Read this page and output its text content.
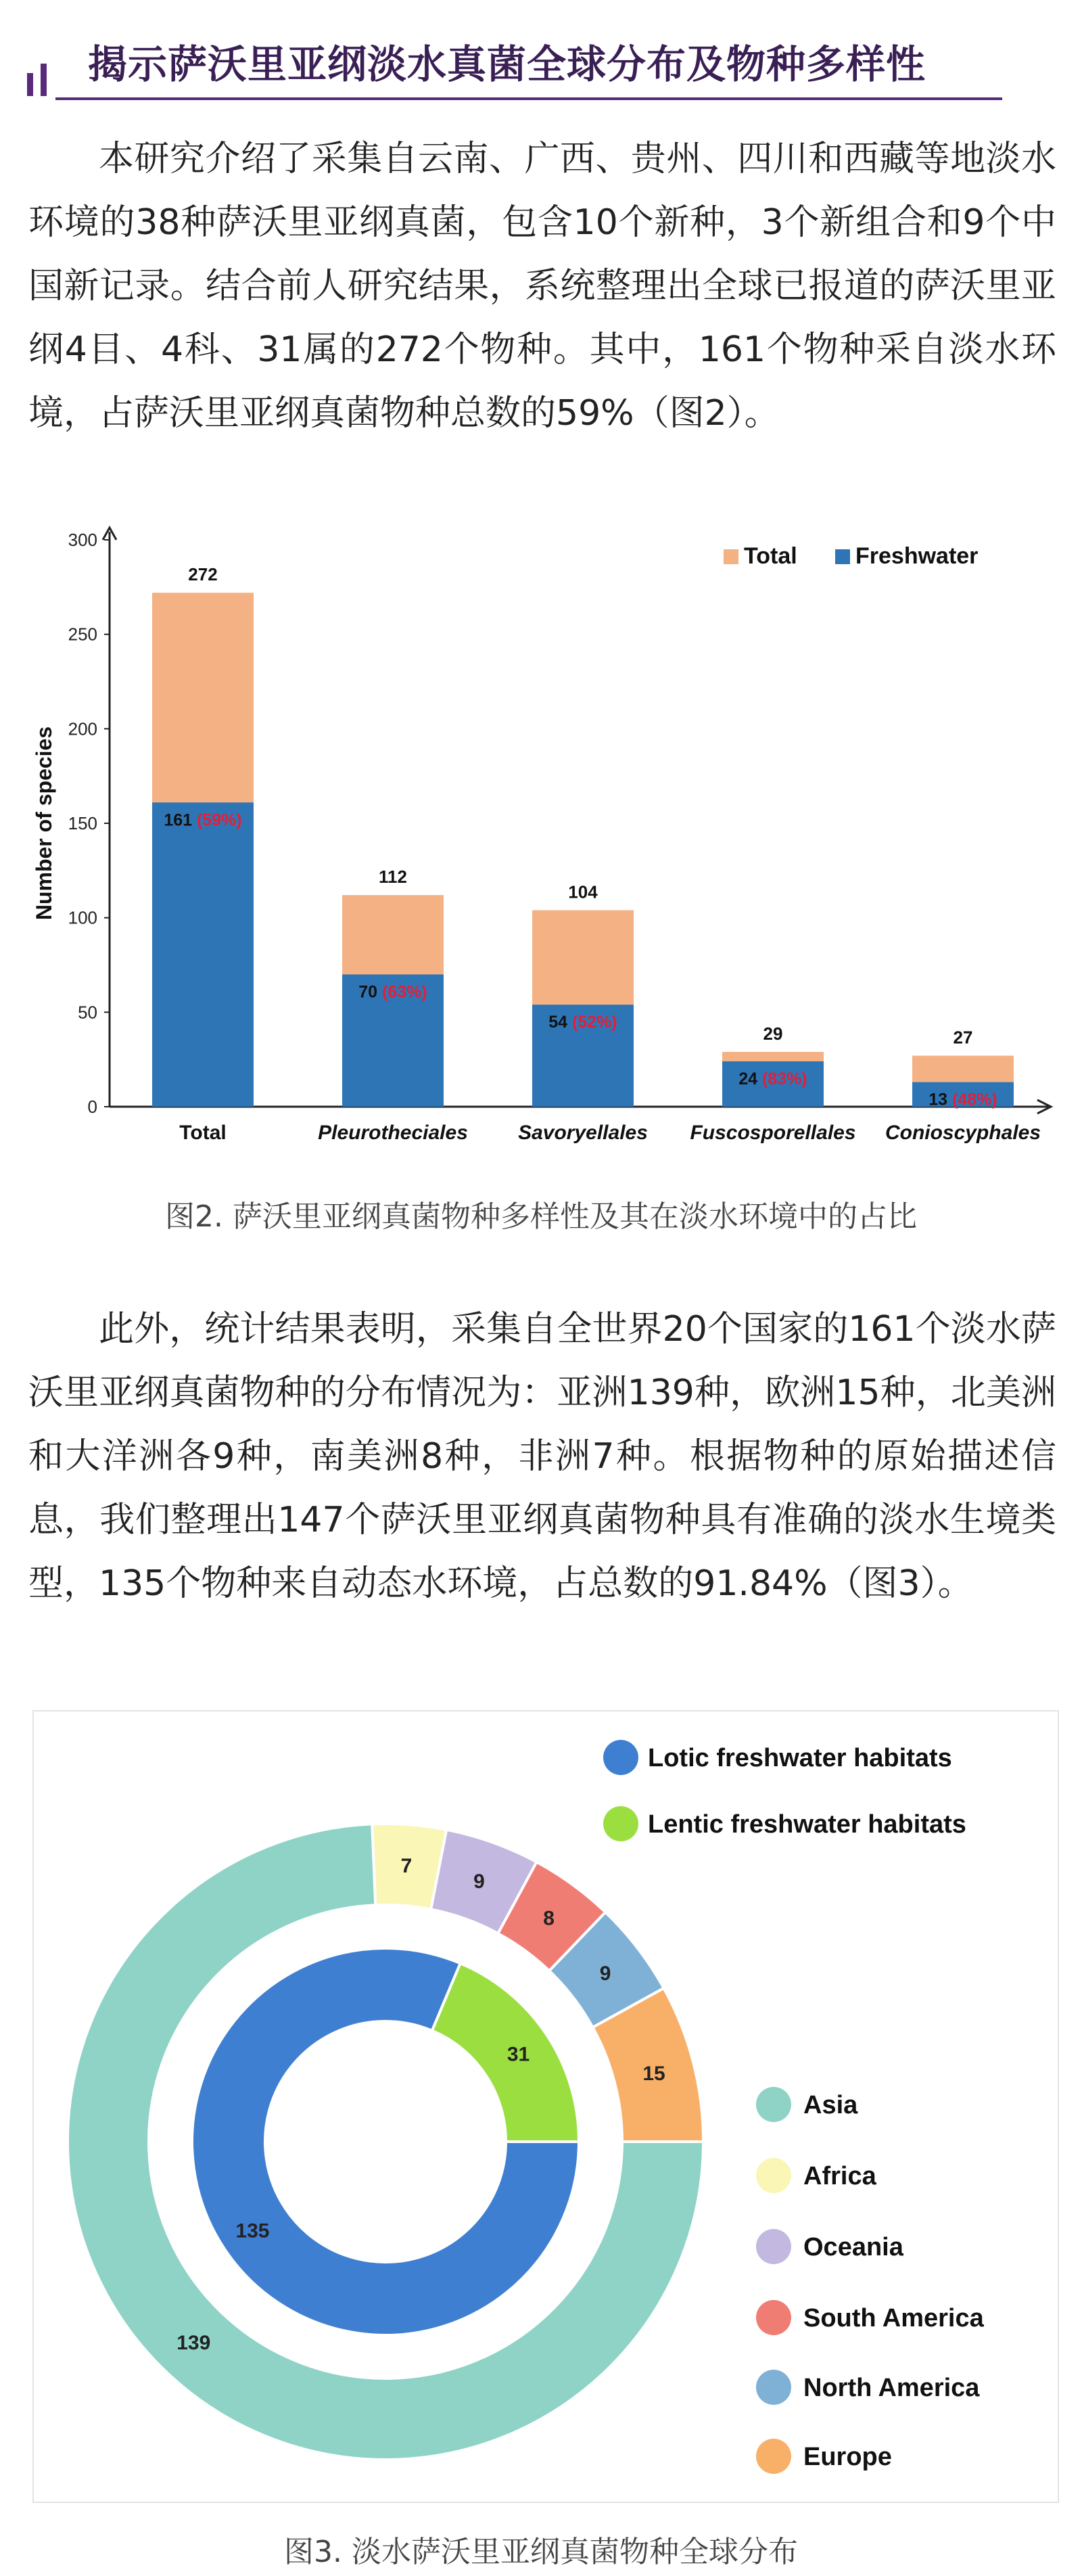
揭示萨沃里亚纲淡水真菌全球分布及物种多样性

本研究介绍了采集自云南、广西、贵州、四川和西藏等地淡水环境的38种萨沃里亚纲真菌，包含10个新种，3个新组合和9个中国新记录。结合前人研究结果，系统整理出全球已报道的萨沃里亚纲4目、4科、31属的272个物种。其中，161个物种采自淡水环境，占萨沃里亚纲真菌物种总数的59%（图2）。

0
50
100
150
200
250
300
Number of species
272
161 (59%)
Total
112
70 (63%)
Pleurotheciales
104
54 (52%)
Savoryellales
29
24 (83%)
Fuscosporellales
27
13 (48%)
Conioscyphales
Total	Freshwater
图2. 萨沃里亚纲真菌物种多样性及其在淡水环境中的占比

此外，统计结果表明，采集自全世界20个国家的161个淡水萨沃里亚纲真菌物种的分布情况为：亚洲139种，欧洲15种，北美洲和大洋洲各9种，南美洲8种，非洲7种。根据物种的原始描述信息，我们整理出147个萨沃里亚纲真菌物种具有准确的淡水生境类型，135个物种来自动态水环境，占总数的91.84%（图3）。

139
7
9
8
9
15
135
31
Lotic freshwater habitats
Lentic freshwater habitats
Asia
Africa
Oceania
South America
North America
Europe
图3. 淡水萨沃里亚纲真菌物种全球分布
